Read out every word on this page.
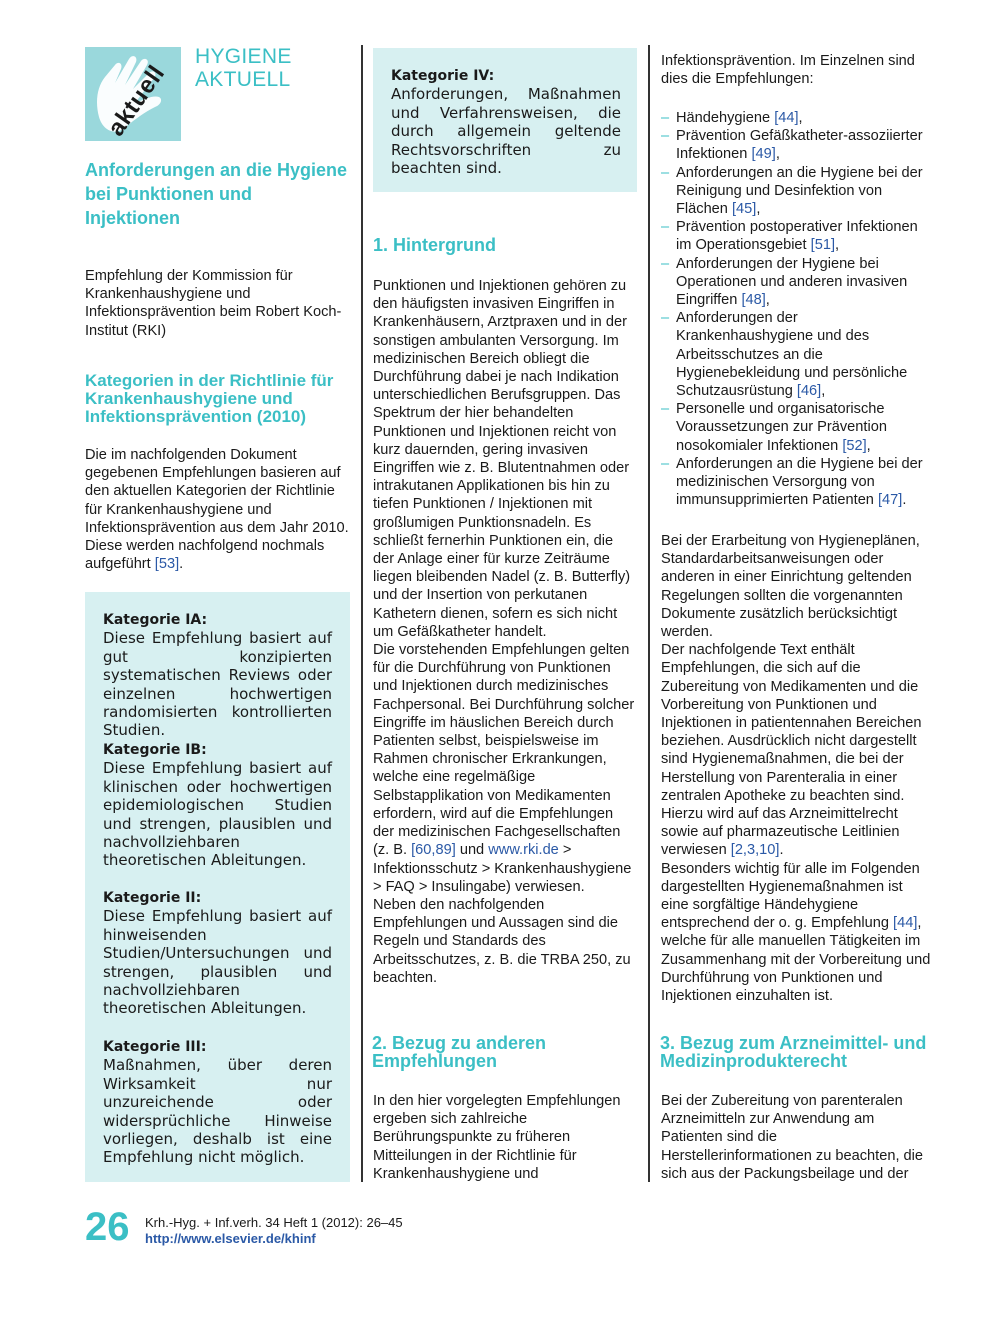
aktuell
HYGIENE
AKTUELL
Anforderungen an die Hygiene bei Punktionen und Injektionen
Empfehlung der Kommission für Krankenhaushygiene und Infektionsprävention beim Robert Koch-Institut (RKI)
Kategorien in der Richtlinie für Krankenhaushygiene und Infektionsprävention (2010)
Die im nachfolgenden Dokument gegebenen Empfehlungen basieren auf den aktuellen Kategorien der Richtlinie für Krankenhaushygiene und Infektionsprävention aus dem Jahr 2010. Diese werden nachfolgend nochmals aufgeführt [53].
Kategorie IA:
Diese Empfehlung basiert auf gut konzipierten systematischen Reviews oder einzelnen hochwertigen randomisierten kontrollierten Studien.
Kategorie IB:
Diese Empfehlung basiert auf klinischen oder hochwertigen epidemiologischen Studien und strengen, plausiblen und nachvollziehbaren theoretischen Ableitungen.
Kategorie II:
Diese Empfehlung basiert auf hinweisenden Studien/Untersuchungen und strengen, plausiblen und nachvollziehbaren theoretischen Ableitungen.
Kategorie III:
Maßnahmen, über deren Wirksamkeit nur unzureichende oder widersprüchliche Hinweise vorliegen, deshalb ist eine Empfehlung nicht möglich.
Kategorie IV:
Anforderungen, Maßnahmen und Verfahrensweisen, die durch allgemein geltende Rechtsvorschriften zu beachten sind.
1. Hintergrund

Punktionen und Injektionen gehören zu den häufigsten invasiven Eingriffen in Krankenhäusern, Arztpraxen und in der sonstigen ambulanten Versorgung. Im medizinischen Bereich obliegt die Durchführung dabei je nach Indikation unterschiedlichen Berufsgruppen. Das Spektrum der hier behandelten Punktionen und Injektionen reicht von kurz dauernden, gering invasiven Eingriffen wie z. B. Blutentnahmen oder intrakutanen Applikationen bis hin zu tiefen Punktionen / Injektionen mit großlumigen Punktionsnadeln. Es schließt fernerhin Punktionen ein, die der Anlage einer für kurze Zeiträume liegen bleibenden Nadel (z. B. Butterfly) und der Insertion von perkutanen Kathetern dienen, sofern es sich nicht um Gefäßkatheter handelt.

Die vorstehenden Empfehlungen gelten für die Durchführung von Punktionen und Injektionen durch medizinisches Fachpersonal. Bei Durchführung solcher Eingriffe im häuslichen Bereich durch Patienten selbst, beispielsweise im Rahmen chronischer Erkrankungen, welche eine regelmäßige Selbstapplikation von Medikamenten erfordern, wird auf die Empfehlungen der medizinischen Fachgesellschaften (z. B. [60,89] und www.rki.de > Infektionsschutz > Krankenhaushygiene > FAQ > Insulingabe) verwiesen.

Neben den nachfolgenden Empfehlungen und Aussagen sind die Regeln und Standards des Arbeitsschutzes, z. B. die TRBA 250, zu beachten.

2. Bezug zu anderen Empfehlungen
In den hier vorgelegten Empfehlungen ergeben sich zahlreiche Berührungspunkte zu früheren Mitteilungen in der Richtlinie für Krankenhaushygiene und
Infektionsprävention. Im Einzelnen sind dies die Empfehlungen:
– Händehygiene [44],
– Prävention Gefäßkatheter-assoziierter Infektionen [49],
– Anforderungen an die Hygiene bei der Reinigung und Desinfektion von Flächen [45],
– Prävention postoperativer Infektionen im Operationsgebiet [51],
– Anforderungen der Hygiene bei Operationen und anderen invasiven Eingriffen [48],
– Anforderungen der Krankenhaushygiene und des Arbeitsschutzes an die Hygienebekleidung und persönliche Schutzausrüstung [46],
– Personelle und organisatorische Voraussetzungen zur Prävention nosokomialer Infektionen [52],
– Anforderungen an die Hygiene bei der medizinischen Versorgung von immunsupprimierten Patienten [47].

Bei der Erarbeitung von Hygieneplänen, Standardarbeitsanweisungen oder anderen in einer Einrichtung geltenden Regelungen sollten die vorgenannten Dokumente zusätzlich berücksichtigt werden.

Der nachfolgende Text enthält Empfehlungen, die sich auf die Zubereitung von Medikamenten und die Vorbereitung von Punktionen und Injektionen in patientennahen Bereichen beziehen. Ausdrücklich nicht dargestellt sind Hygienemaßnahmen, die bei der Herstellung von Parenteralia in einer zentralen Apotheke zu beachten sind. Hierzu wird auf das Arzneimittelrecht sowie auf pharmazeutische Leitlinien verwiesen [2,3,10].

Besonders wichtig für alle im Folgenden dargestellten Hygienemaßnahmen ist eine sorgfältige Händehygiene entsprechend der o. g. Empfehlung [44], welche für alle manuellen Tätigkeiten im Zusammenhang mit der Vorbereitung und Durchführung von Punktionen und Injektionen einzuhalten ist.

3. Bezug zum Arzneimittel- und Medizinprodukterecht
Bei der Zubereitung von parenteralen Arzneimitteln zur Anwendung am Patienten sind die Herstellerinformationen zu beachten, die sich aus der Packungsbeilage und der
26 Krh.-Hyg. + Inf.verh. 34 Heft 1 (2012): 26–45
http://www.elsevier.de/khinf
